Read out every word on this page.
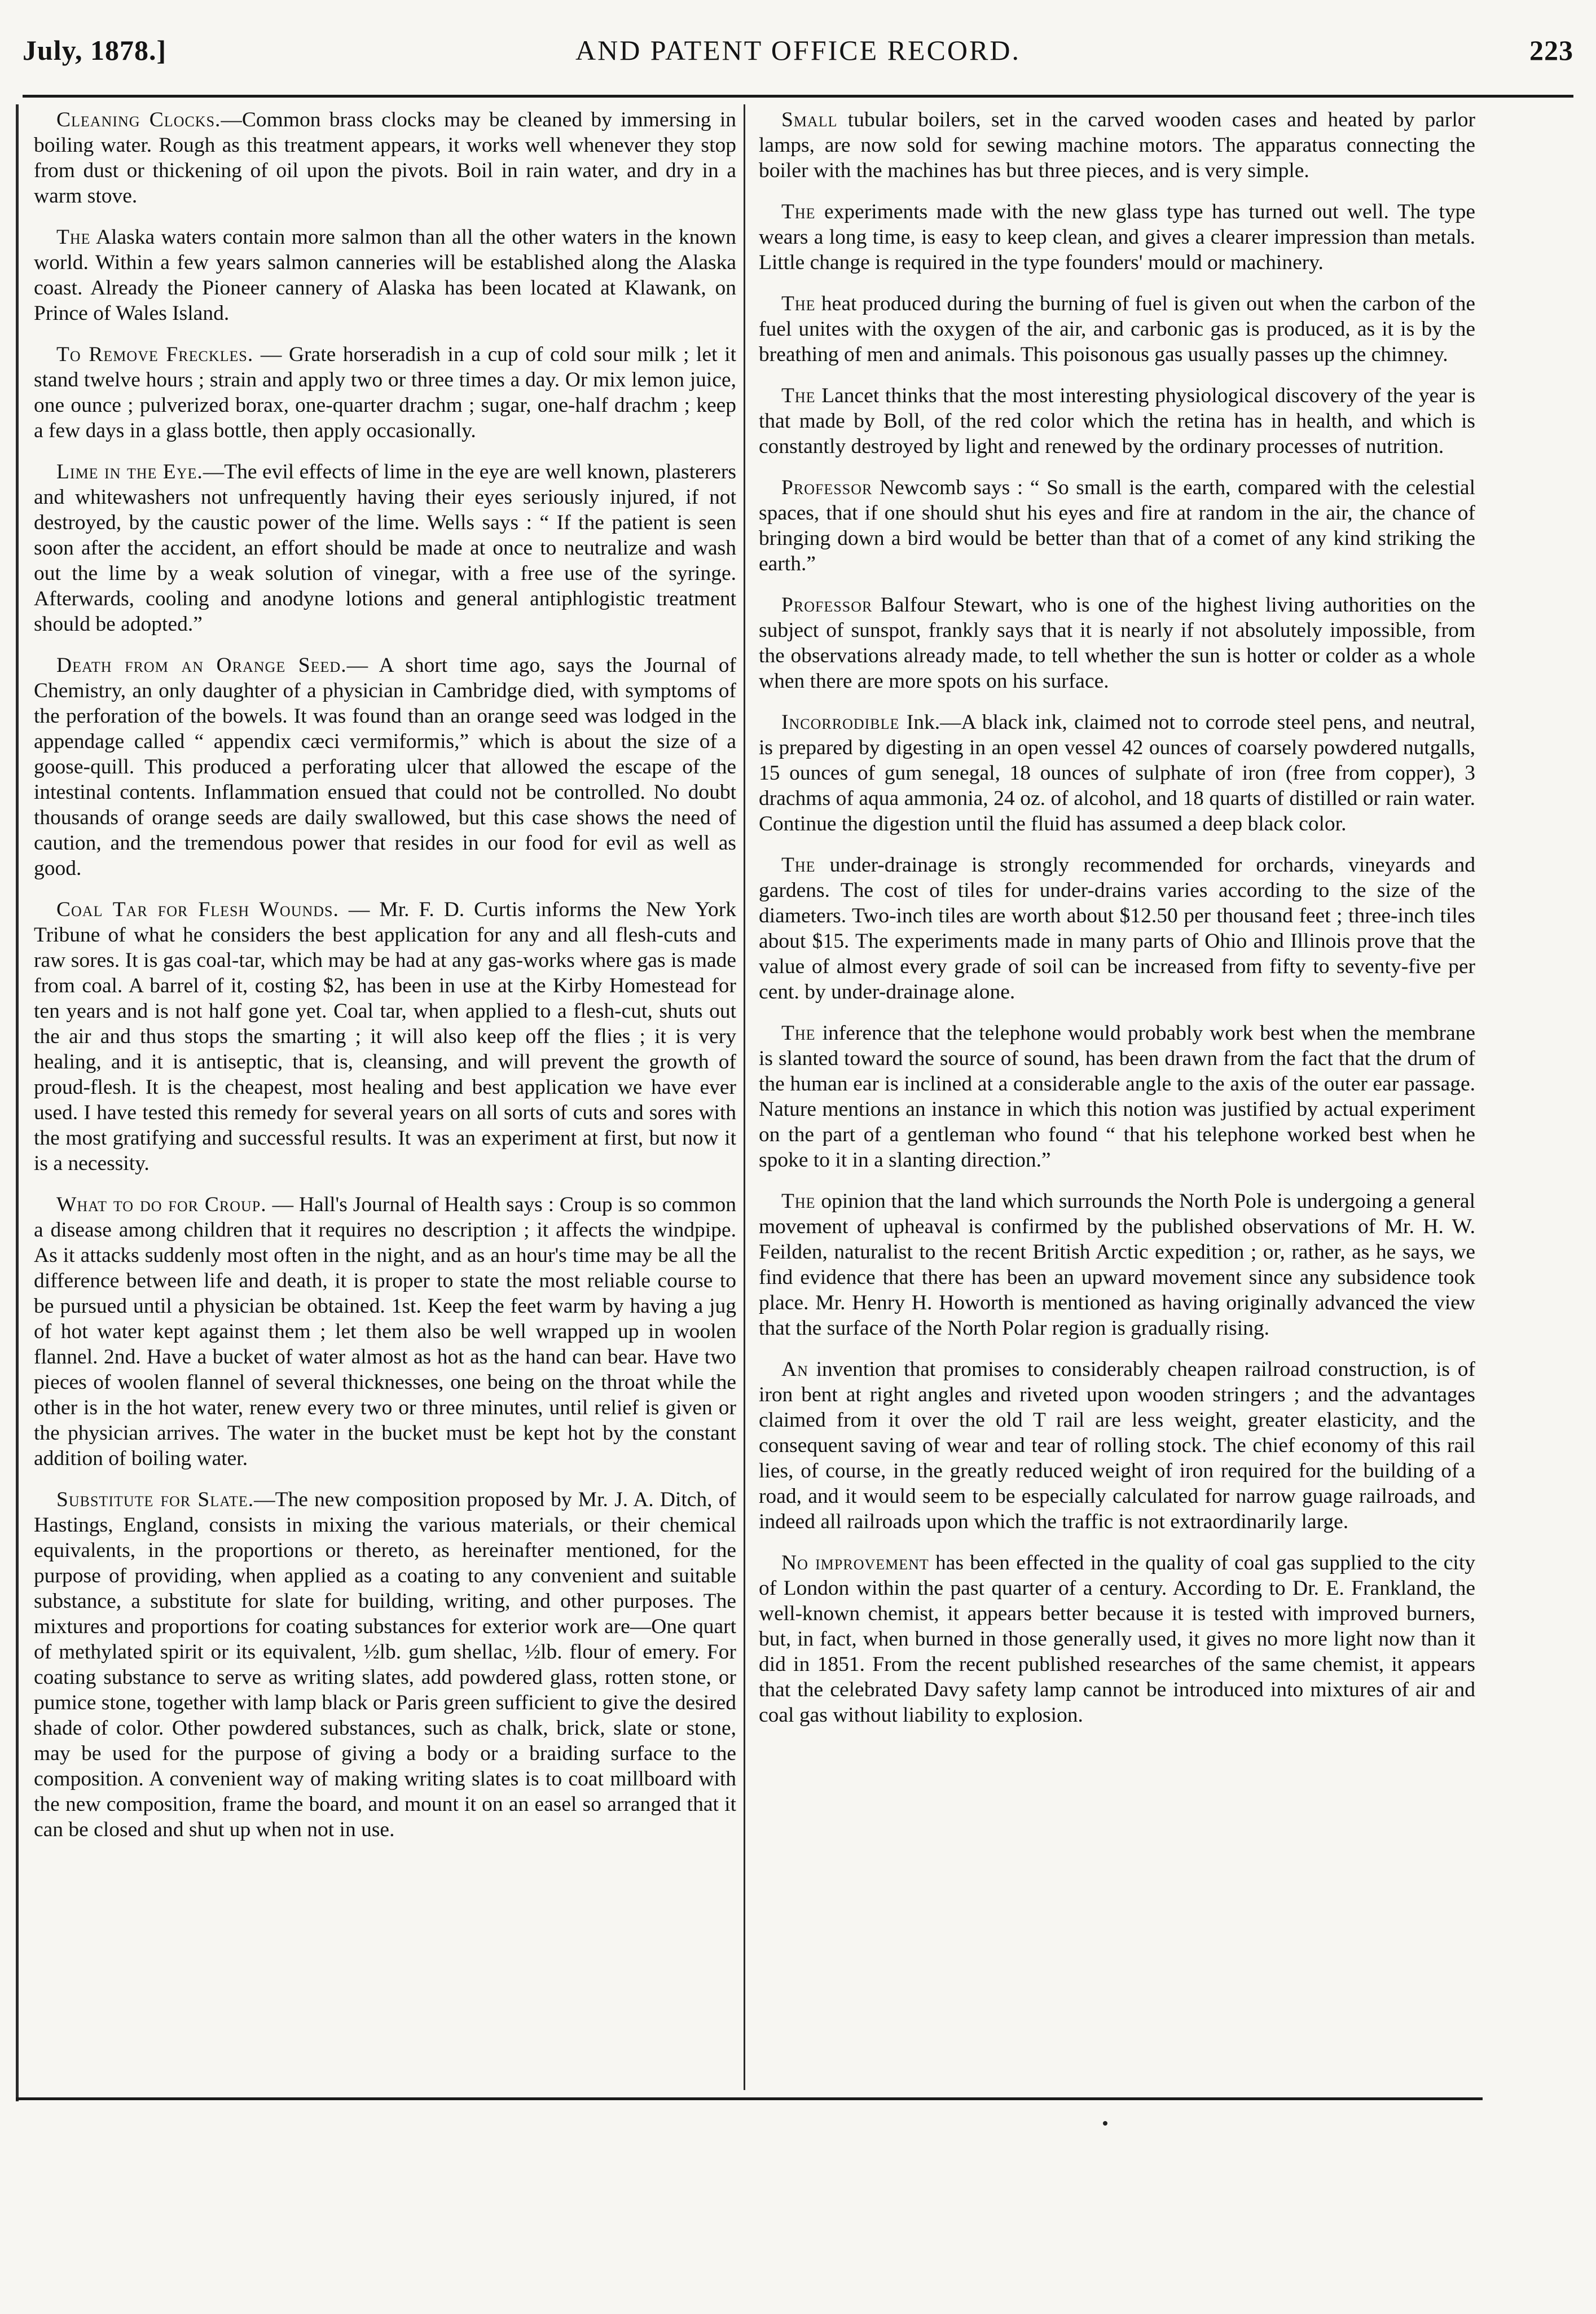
July, 1878.]	AND PATENT OFFICE RECORD.	223

Cleaning Clocks.—Common brass clocks may be cleaned by immersing in boiling water. Rough as this treatment appears, it works well whenever they stop from dust or thickening of oil upon the pivots. Boil in rain water, and dry in a warm stove.

The Alaska waters contain more salmon than all the other waters in the known world. Within a few years salmon canneries will be established along the Alaska coast. Already the Pioneer cannery of Alaska has been located at Klawank, on Prince of Wales Island.

To Remove Freckles. — Grate horseradish in a cup of cold sour milk ; let it stand twelve hours ; strain and apply two or three times a day. Or mix lemon juice, one ounce ; pulverized borax, one-quarter drachm ; sugar, one-half drachm ; keep a few days in a glass bottle, then apply occasionally.

Lime in the Eye.—The evil effects of lime in the eye are well known, plasterers and whitewashers not unfrequently having their eyes seriously injured, if not destroyed, by the caustic power of the lime. Wells says : “ If the patient is seen soon after the accident, an effort should be made at once to neutralize and wash out the lime by a weak solution of vinegar, with a free use of the syringe. Afterwards, cooling and anodyne lotions and general antiphlogistic treatment should be adopted.”

Death from an Orange Seed.— A short time ago, says the Journal of Chemistry, an only daughter of a physician in Cambridge died, with symptoms of the perforation of the bowels. It was found than an orange seed was lodged in the appendage called “ appendix cæci vermiformis,” which is about the size of a goose-quill. This produced a perforating ulcer that allowed the escape of the intestinal contents. Inflammation ensued that could not be controlled. No doubt thousands of orange seeds are daily swallowed, but this case shows the need of caution, and the tremendous power that resides in our food for evil as well as good.

Coal Tar for Flesh Wounds. — Mr. F. D. Curtis informs the New York Tribune of what he considers the best application for any and all flesh-cuts and raw sores. It is gas coal-tar, which may be had at any gas-works where gas is made from coal. A barrel of it, costing $2, has been in use at the Kirby Homestead for ten years and is not half gone yet. Coal tar, when applied to a flesh-cut, shuts out the air and thus stops the smarting ; it will also keep off the flies ; it is very healing, and it is antiseptic, that is, cleansing, and will prevent the growth of proud-flesh. It is the cheapest, most healing and best application we have ever used. I have tested this remedy for several years on all sorts of cuts and sores with the most gratifying and successful results. It was an experiment at first, but now it is a necessity.

What to do for Croup. — Hall's Journal of Health says : Croup is so common a disease among children that it requires no description ; it affects the windpipe. As it attacks suddenly most often in the night, and as an hour's time may be all the difference between life and death, it is proper to state the most reliable course to be pursued until a physician be obtained. 1st. Keep the feet warm by having a jug of hot water kept against them ; let them also be well wrapped up in woolen flannel. 2nd. Have a bucket of water almost as hot as the hand can bear. Have two pieces of woolen flannel of several thicknesses, one being on the throat while the other is in the hot water, renew every two or three minutes, until relief is given or the physician arrives. The water in the bucket must be kept hot by the constant addition of boiling water.

Substitute for Slate.—The new composition proposed by Mr. J. A. Ditch, of Hastings, England, consists in mixing the various materials, or their chemical equivalents, in the proportions or thereto, as hereinafter mentioned, for the purpose of providing, when applied as a coating to any convenient and suitable substance, a substitute for slate for building, writing, and other purposes. The mixtures and proportions for coating substances for exterior work are—One quart of methylated spirit or its equivalent, ½lb. gum shellac, ½lb. flour of emery. For coating substance to serve as writing slates, add powdered glass, rotten stone, or pumice stone, together with lamp black or Paris green sufficient to give the desired shade of color. Other powdered substances, such as chalk, brick, slate or stone, may be used for the purpose of giving a body or a braiding surface to the composition. A convenient way of making writing slates is to coat millboard with the new composition, frame the board, and mount it on an easel so arranged that it can be closed and shut up when not in use.

Small tubular boilers, set in the carved wooden cases and heated by parlor lamps, are now sold for sewing machine motors. The apparatus connecting the boiler with the machines has but three pieces, and is very simple.

The experiments made with the new glass type has turned out well. The type wears a long time, is easy to keep clean, and gives a clearer impression than metals. Little change is required in the type founders' mould or machinery.

The heat produced during the burning of fuel is given out when the carbon of the fuel unites with the oxygen of the air, and carbonic gas is produced, as it is by the breathing of men and animals. This poisonous gas usually passes up the chimney.

The Lancet thinks that the most interesting physiological discovery of the year is that made by Boll, of the red color which the retina has in health, and which is constantly destroyed by light and renewed by the ordinary processes of nutrition.

Professor Newcomb says : “ So small is the earth, compared with the celestial spaces, that if one should shut his eyes and fire at random in the air, the chance of bringing down a bird would be better than that of a comet of any kind striking the earth.”

Professor Balfour Stewart, who is one of the highest living authorities on the subject of sunspot, frankly says that it is nearly if not absolutely impossible, from the observations already made, to tell whether the sun is hotter or colder as a whole when there are more spots on his surface.

Incorrodible Ink.—A black ink, claimed not to corrode steel pens, and neutral, is prepared by digesting in an open vessel 42 ounces of coarsely powdered nutgalls, 15 ounces of gum senegal, 18 ounces of sulphate of iron (free from copper), 3 drachms of aqua ammonia, 24 oz. of alcohol, and 18 quarts of distilled or rain water. Continue the digestion until the fluid has assumed a deep black color.

The under-drainage is strongly recommended for orchards, vineyards and gardens. The cost of tiles for under-drains varies according to the size of the diameters. Two-inch tiles are worth about $12.50 per thousand feet ; three-inch tiles about $15. The experiments made in many parts of Ohio and Illinois prove that the value of almost every grade of soil can be increased from fifty to seventy-five per cent. by under-drainage alone.

The inference that the telephone would probably work best when the membrane is slanted toward the source of sound, has been drawn from the fact that the drum of the human ear is inclined at a considerable angle to the axis of the outer ear passage. Nature mentions an instance in which this notion was justified by actual experiment on the part of a gentleman who found “ that his telephone worked best when he spoke to it in a slanting direction.”

The opinion that the land which surrounds the North Pole is undergoing a general movement of upheaval is confirmed by the published observations of Mr. H. W. Feilden, naturalist to the recent British Arctic expedition ; or, rather, as he says, we find evidence that there has been an upward movement since any subsidence took place. Mr. Henry H. Howorth is mentioned as having originally advanced the view that the surface of the North Polar region is gradually rising.

An invention that promises to considerably cheapen railroad construction, is of iron bent at right angles and riveted upon wooden stringers ; and the advantages claimed from it over the old T rail are less weight, greater elasticity, and the consequent saving of wear and tear of rolling stock. The chief economy of this rail lies, of course, in the greatly reduced weight of iron required for the building of a road, and it would seem to be especially calculated for narrow guage railroads, and indeed all railroads upon which the traffic is not extraordinarily large.

No improvement has been effected in the quality of coal gas supplied to the city of London within the past quarter of a century. According to Dr. E. Frankland, the well-known chemist, it appears better because it is tested with improved burners, but, in fact, when burned in those generally used, it gives no more light now than it did in 1851. From the recent published researches of the same chemist, it appears that the celebrated Davy safety lamp cannot be introduced into mixtures of air and coal gas without liability to explosion.
